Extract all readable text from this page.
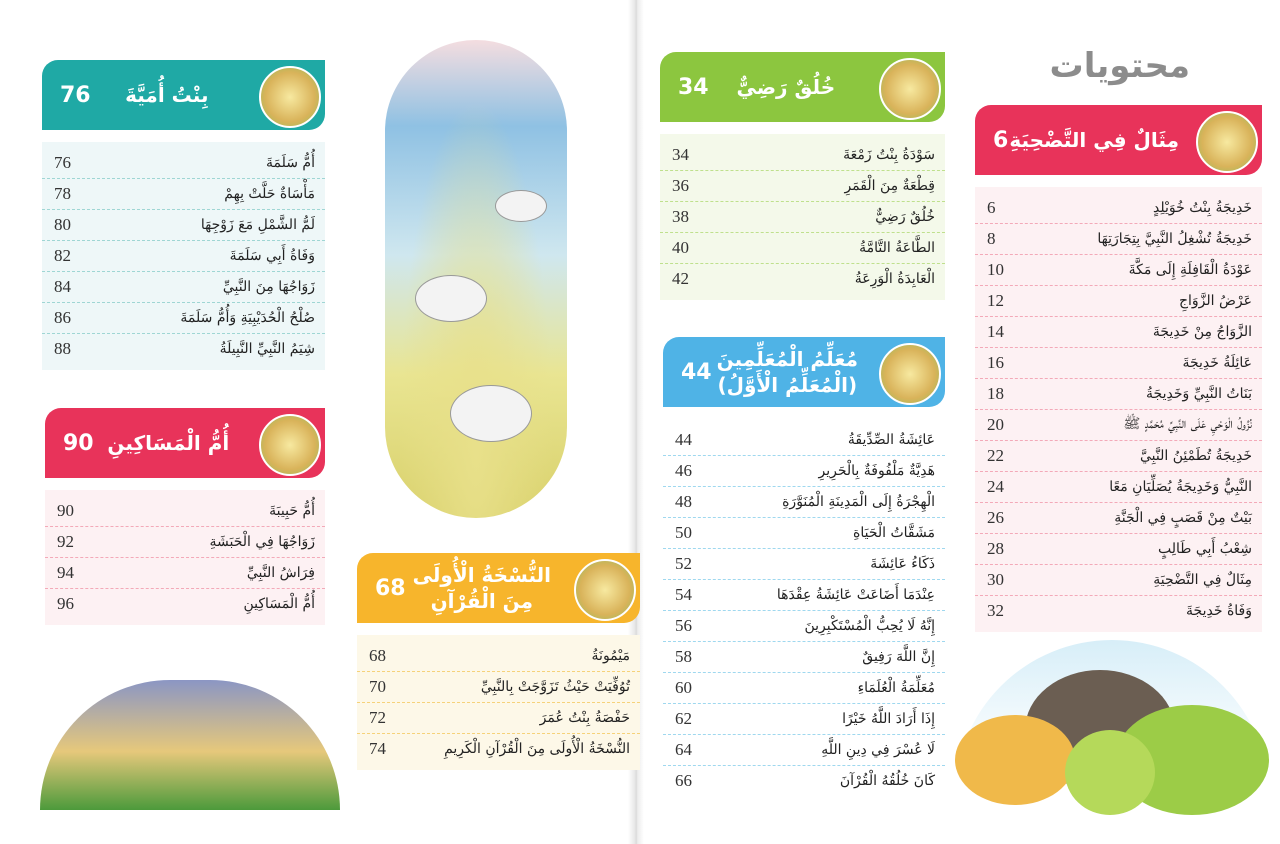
محتويات
6 مِثَالٌ فِي التَّضْحِيَةِ
6	خَدِيجَةُ بِنْتُ خُوَيْلِدٍ
8	خَدِيجَةُ تُشْغِلُ النَّبِيَّ بِتِجَارَتِهَا
10	عَوْدَةُ الْقَافِلَةِ إِلَى مَكَّةَ
12	عَرْضُ الزَّوَاجِ
14	الزَّوَاجُ مِنْ خَدِيجَةَ
16	عَائِلَةُ خَدِيجَةَ
18	بَنَاتُ النَّبِيِّ وَخَدِيجَةُ
20	نُزُولُ الْوَحْيِ عَلَى النَّبِيِّ مُحَمَّدٍ ﷺ
22	خَدِيجَةُ تُطَمْئِنُ النَّبِيَّ
24	النَّبِيُّ وَخَدِيجَةُ يُصَلِّيَانِ مَعًا
26	بَيْتٌ مِنْ قَصَبٍ فِي الْجَنَّةِ
28	شِعْبُ أَبِي طَالِبٍ
30	مِثَالٌ فِي التَّضْحِيَةِ
32	وَفَاةُ خَدِيجَةَ
34	خُلُقٌ رَضِيٌّ
34	سَوْدَةُ بِنْتُ زَمْعَةَ
36	قِطْعَةٌ مِنَ الْقَمَرِ
38	خُلُقٌ رَضِيٌّ
40	الطَّاعَةُ التَّامَّةُ
42	الْعَابِدَةُ الْوَرِعَةُ
44
مُعَلِّمُ الْمُعَلِّمِينَ (الْمُعَلِّمُ الْأَوَّلُ)
44	عَائِشَةُ الصِّدِّيقَةُ
46	هَدِيَّةٌ مَلْفُوفَةٌ بِالْحَرِيرِ
48	الْهِجْرَةُ إِلَى الْمَدِينَةِ الْمُنَوَّرَةِ
50	مَشَقَّاتُ الْحَيَاةِ
52	ذَكَاءُ عَائِشَةَ
54	عِنْدَمَا أَضَاعَتْ عَائِشَةُ عِقْدَهَا
56	إِنَّهُ لَا يُحِبُّ الْمُسْتَكْبِرِينَ
58	إِنَّ اللَّهَ رَفِيقٌ
60	مُعَلِّمَةُ الْعُلَمَاءِ
62	إِذَا أَرَادَ اللَّهُ خَيْرًا
64	لَا عُسْرَ فِي دِينِ اللَّهِ
66	كَانَ خُلُقُهُ الْقُرْآنَ
68
النُّسْخَةُ الْأُولَى مِنَ الْقُرْآنِ
68	مَيْمُونَةُ
70	تُوُفِّيَتْ حَيْثُ تَزَوَّجَتْ بِالنَّبِيِّ
72	حَفْصَةُ بِنْتُ عُمَرَ
74	النُّسْخَةُ الْأُولَى مِنَ الْقُرْآنِ الْكَرِيمِ
76	بِنْتُ أُمَيَّةَ
76	أُمُّ سَلَمَةَ
78	مَأْسَاةٌ حَلَّتْ بِهِمْ
80	لَمُّ الشَّمْلِ مَعَ زَوْجِهَا
82	وَفَاةُ أَبِي سَلَمَةَ
84	زَوَاجُهَا مِنَ النَّبِيِّ
86	صُلْحُ الْحُدَيْبِيَةِ وَأُمُّ سَلَمَةَ
88	شِيَمُ النَّبِيِّ النَّبِيلَةُ
90 أُمُّ الْمَسَاكِينِ
90	أُمُّ حَبِيبَةَ
92	زَوَاجُهَا فِي الْحَبَشَةِ
94	فِرَاشُ النَّبِيِّ
96	أُمُّ الْمَسَاكِينِ
